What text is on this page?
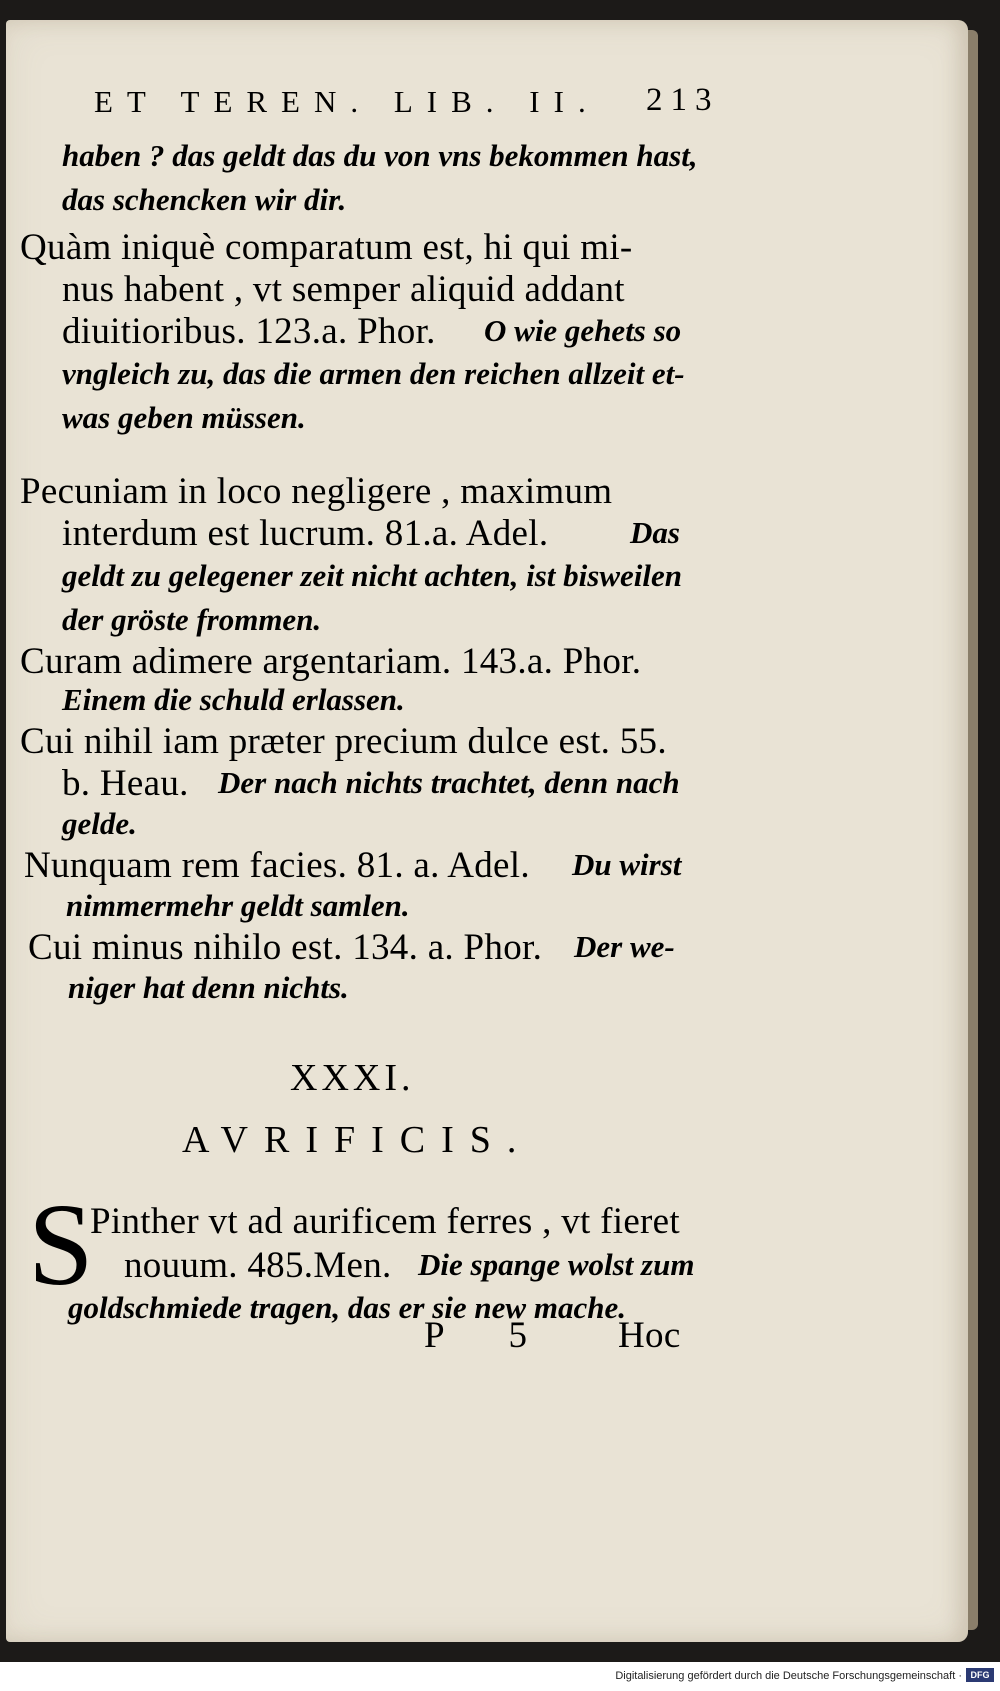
ET TEREN. LIB. II. 213
haben ? das geldt das du von vns bekommen hast,
das schencken wir dir.
Quàm iniquè comparatum est, hi qui mi-
nus habent , vt semper aliquid addant
diuitioribus. 123.a. Phor. O wie gehets so
vngleich zu, das die armen den reichen allzeit et-
was geben müssen.
Pecuniam in loco negligere , maximum
interdum est lucrum. 81.a. Adel.	Das
geldt zu gelegener zeit nicht achten, ist bisweilen
der gröste frommen.
Curam adimere argentariam. 143.a. Phor.
Einem die schuld erlassen.
Cui nihil iam præter precium dulce est. 55.
b. Heau. Der nach nichts trachtet, denn nach
gelde.
Nunquam rem facies. 81. a. Adel. Du wirst
nimmermehr geldt samlen.
Cui minus nihilo est. 134. a. Phor. Der we-
niger hat denn nichts.
XXXI.
AVRIFICIS.
S
Pinther vt ad aurificem ferres , vt fieret
nouum. 485.Men. Die spange wolst zum
goldschmiede tragen, das er sie new mache.
P 5 Hoc
Digitalisierung gefördert durch die Deutsche Forschungsgemeinschaft · DFG
